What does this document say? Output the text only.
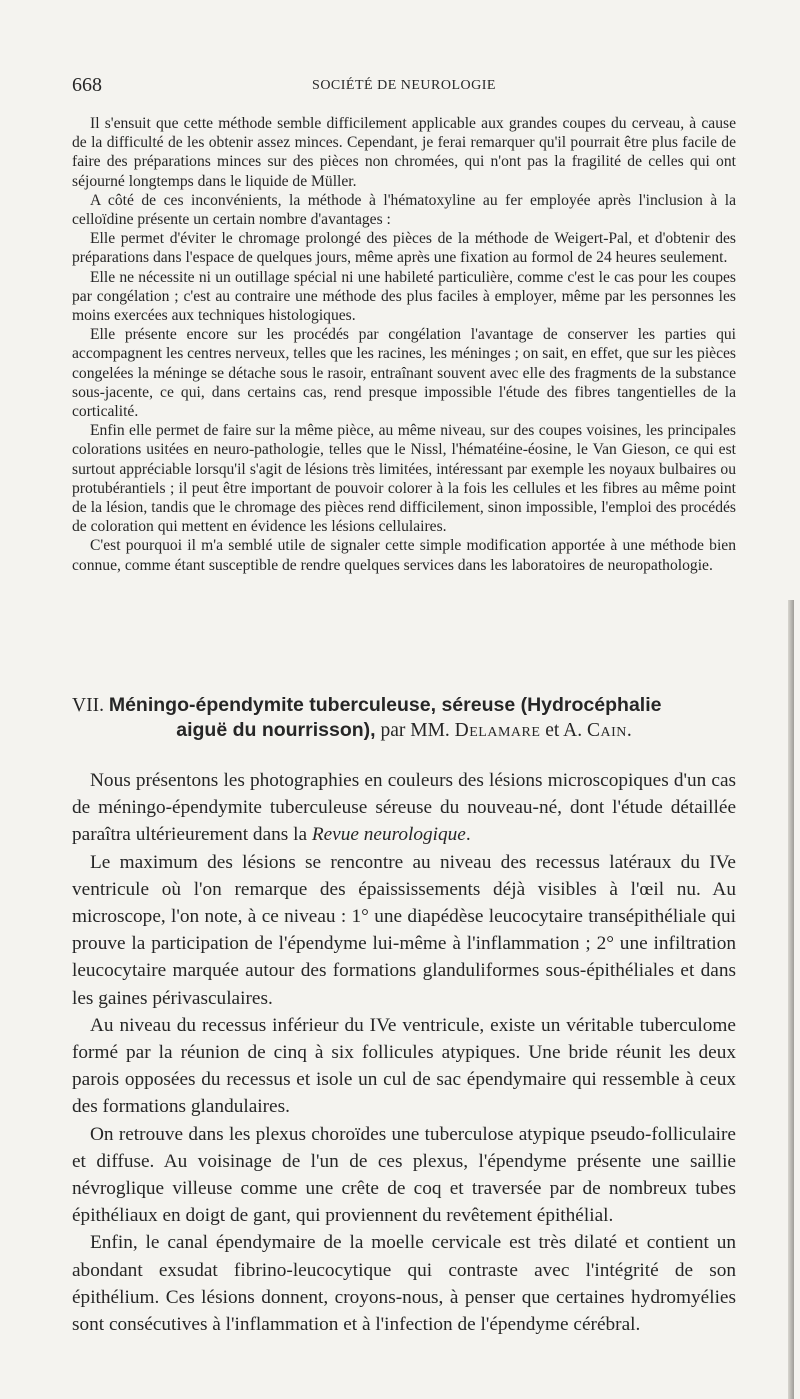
668	SOCIÉTÉ DE NEUROLOGIE

Il s'ensuit que cette méthode semble difficilement applicable aux grandes coupes du cerveau, à cause de la difficulté de les obtenir assez minces. Cependant, je ferai remarquer qu'il pourrait être plus facile de faire des préparations minces sur des pièces non chromées, qui n'ont pas la fragilité de celles qui ont séjourné longtemps dans le liquide de Müller.

A côté de ces inconvénients, la méthode à l'hématoxyline au fer employée après l'inclusion à la celloïdine présente un certain nombre d'avantages :

Elle permet d'éviter le chromage prolongé des pièces de la méthode de Weigert-Pal, et d'obtenir des préparations dans l'espace de quelques jours, même après une fixation au formol de 24 heures seulement.

Elle ne nécessite ni un outillage spécial ni une habileté particulière, comme c'est le cas pour les coupes par congélation ; c'est au contraire une méthode des plus faciles à employer, même par les personnes les moins exercées aux techniques histologiques.

Elle présente encore sur les procédés par congélation l'avantage de conserver les parties qui accompagnent les centres nerveux, telles que les racines, les méninges ; on sait, en effet, que sur les pièces congelées la méninge se détache sous le rasoir, entraînant souvent avec elle des fragments de la substance sous-jacente, ce qui, dans certains cas, rend presque impossible l'étude des fibres tangentielles de la corticalité.

Enfin elle permet de faire sur la même pièce, au même niveau, sur des coupes voisines, les principales colorations usitées en neuro-pathologie, telles que le Nissl, l'hématéine-éosine, le Van Gieson, ce qui est surtout appréciable lorsqu'il s'agit de lésions très limitées, intéressant par exemple les noyaux bulbaires ou protubérantiels ; il peut être important de pouvoir colorer à la fois les cellules et les fibres au même point de la lésion, tandis que le chromage des pièces rend difficilement, sinon impossible, l'emploi des procédés de coloration qui mettent en évidence les lésions cellulaires.

C'est pourquoi il m'a semblé utile de signaler cette simple modification apportée à une méthode bien connue, comme étant susceptible de rendre quelques services dans les laboratoires de neuropathologie.

VII. Méningo-épendymite tuberculeuse, séreuse (Hydrocéphalie
aiguë du nourrisson), par MM. Delamare et A. Cain.

Nous présentons les photographies en couleurs des lésions microscopiques d'un cas de méningo-épendymite tuberculeuse séreuse du nouveau-né, dont l'étude détaillée paraîtra ultérieurement dans la Revue neurologique.

Le maximum des lésions se rencontre au niveau des recessus latéraux du IVe ventricule où l'on remarque des épaississements déjà visibles à l'œil nu. Au microscope, l'on note, à ce niveau : 1° une diapédèse leucocytaire transépithéliale qui prouve la participation de l'épendyme lui-même à l'inflammation ; 2° une infiltration leucocytaire marquée autour des formations glanduliformes sous-épithéliales et dans les gaines périvasculaires.

Au niveau du recessus inférieur du IVe ventricule, existe un véritable tuberculome formé par la réunion de cinq à six follicules atypiques. Une bride réunit les deux parois opposées du recessus et isole un cul de sac épendymaire qui ressemble à ceux des formations glandulaires.

On retrouve dans les plexus choroïdes une tuberculose atypique pseudo-folliculaire et diffuse. Au voisinage de l'un de ces plexus, l'épendyme présente une saillie névroglique villeuse comme une crête de coq et traversée par de nombreux tubes épithéliaux en doigt de gant, qui proviennent du revêtement épithélial.

Enfin, le canal épendymaire de la moelle cervicale est très dilaté et contient un abondant exsudat fibrino-leucocytique qui contraste avec l'intégrité de son épithélium. Ces lésions donnent, croyons-nous, à penser que certaines hydromyélies sont consécutives à l'inflammation et à l'infection de l'épendyme cérébral.
